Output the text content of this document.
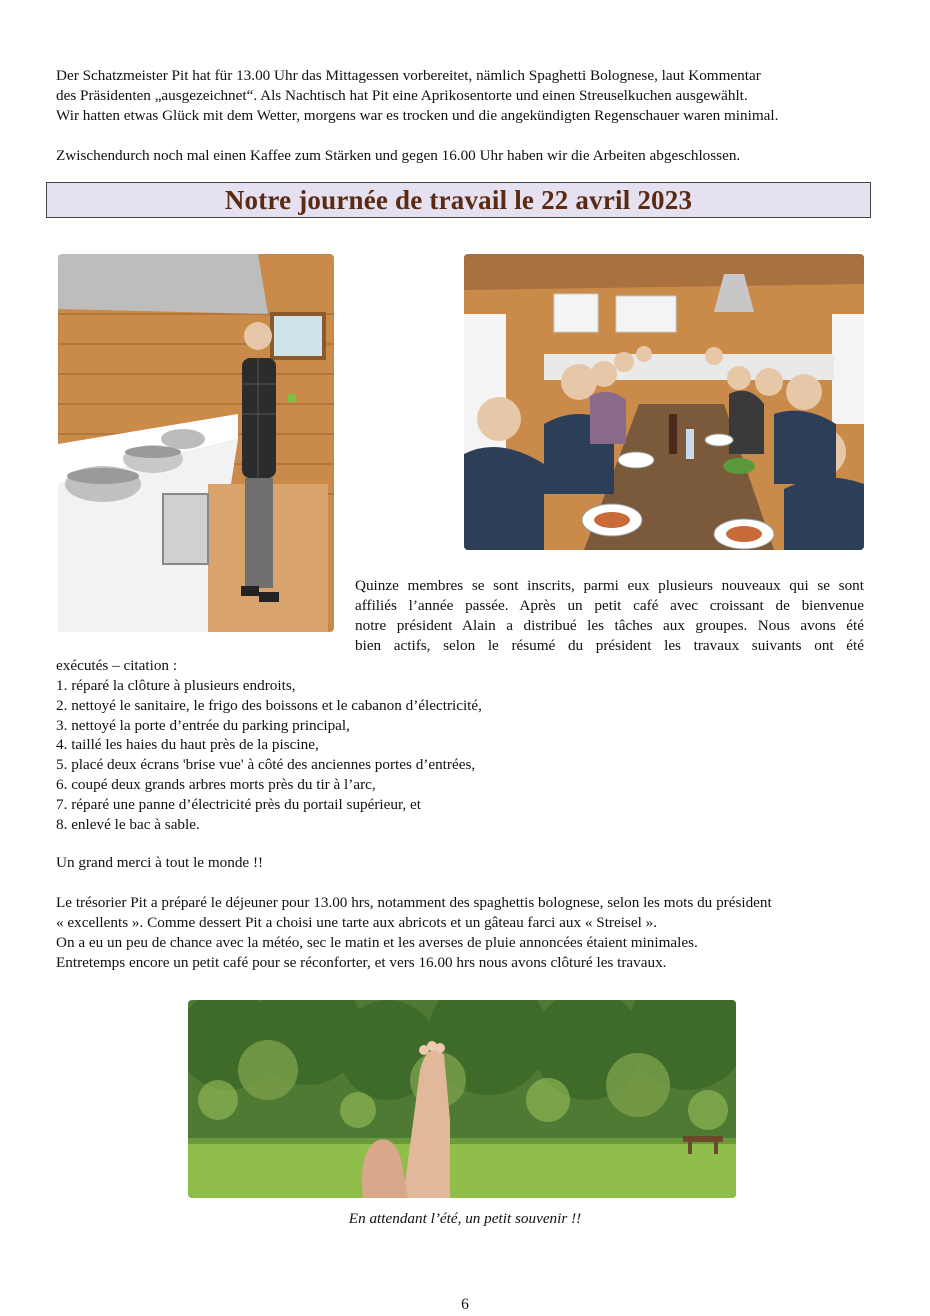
Der Schatzmeister Pit hat für 13.00 Uhr das Mittagessen vorbereitet, nämlich Spaghetti Bolognese, laut Kommentar
des Präsidenten „ausgezeichnet“. Als Nachtisch hat Pit eine Aprikosentorte und einen Streuselkuchen ausgewählt.
Wir hatten etwas Glück mit dem Wetter, morgens war es trocken und die angekündigten Regenschauer waren minimal.
Zwischendurch noch mal einen Kaffee zum Stärken und gegen 16.00 Uhr haben wir die Arbeiten abgeschlossen.
Notre journée de travail le 22 avril 2023
Quinze membres se sont inscrits, parmi eux plusieurs nouveaux qui se sont
affiliés l’année passée. Après un petit café avec croissant de bienvenue
notre président Alain a distribué les tâches aux groupes. Nous avons été
bien actifs, selon le résumé du président les travaux suivants ont été
exécutés – citation :
1. réparé la clôture à plusieurs endroits,
2. nettoyé le sanitaire, le frigo des boissons et le cabanon d’électricité,
3. nettoyé la porte d’entrée du parking principal,
4. taillé les haies du haut près de la piscine,
5. placé deux écrans 'brise vue' à côté des anciennes portes d’entrées,
6. coupé deux grands arbres morts près du tir à l’arc,
7. réparé une panne d’électricité près du portail supérieur, et
8. enlevé le bac à sable.
Un grand merci à tout le monde !!
Le trésorier Pit a préparé le déjeuner pour 13.00 hrs, notamment des spaghettis bolognese, selon les mots du président
« excellents ». Comme dessert Pit a choisi une tarte aux abricots et un gâteau farci aux « Streisel ».
On a eu un peu de chance avec la météo, sec le matin et les averses de pluie annoncées étaient minimales.
Entretemps encore un petit café pour se réconforter, et vers 16.00 hrs nous avons clôturé les travaux.
En attendant l’été, un petit souvenir !!
6
